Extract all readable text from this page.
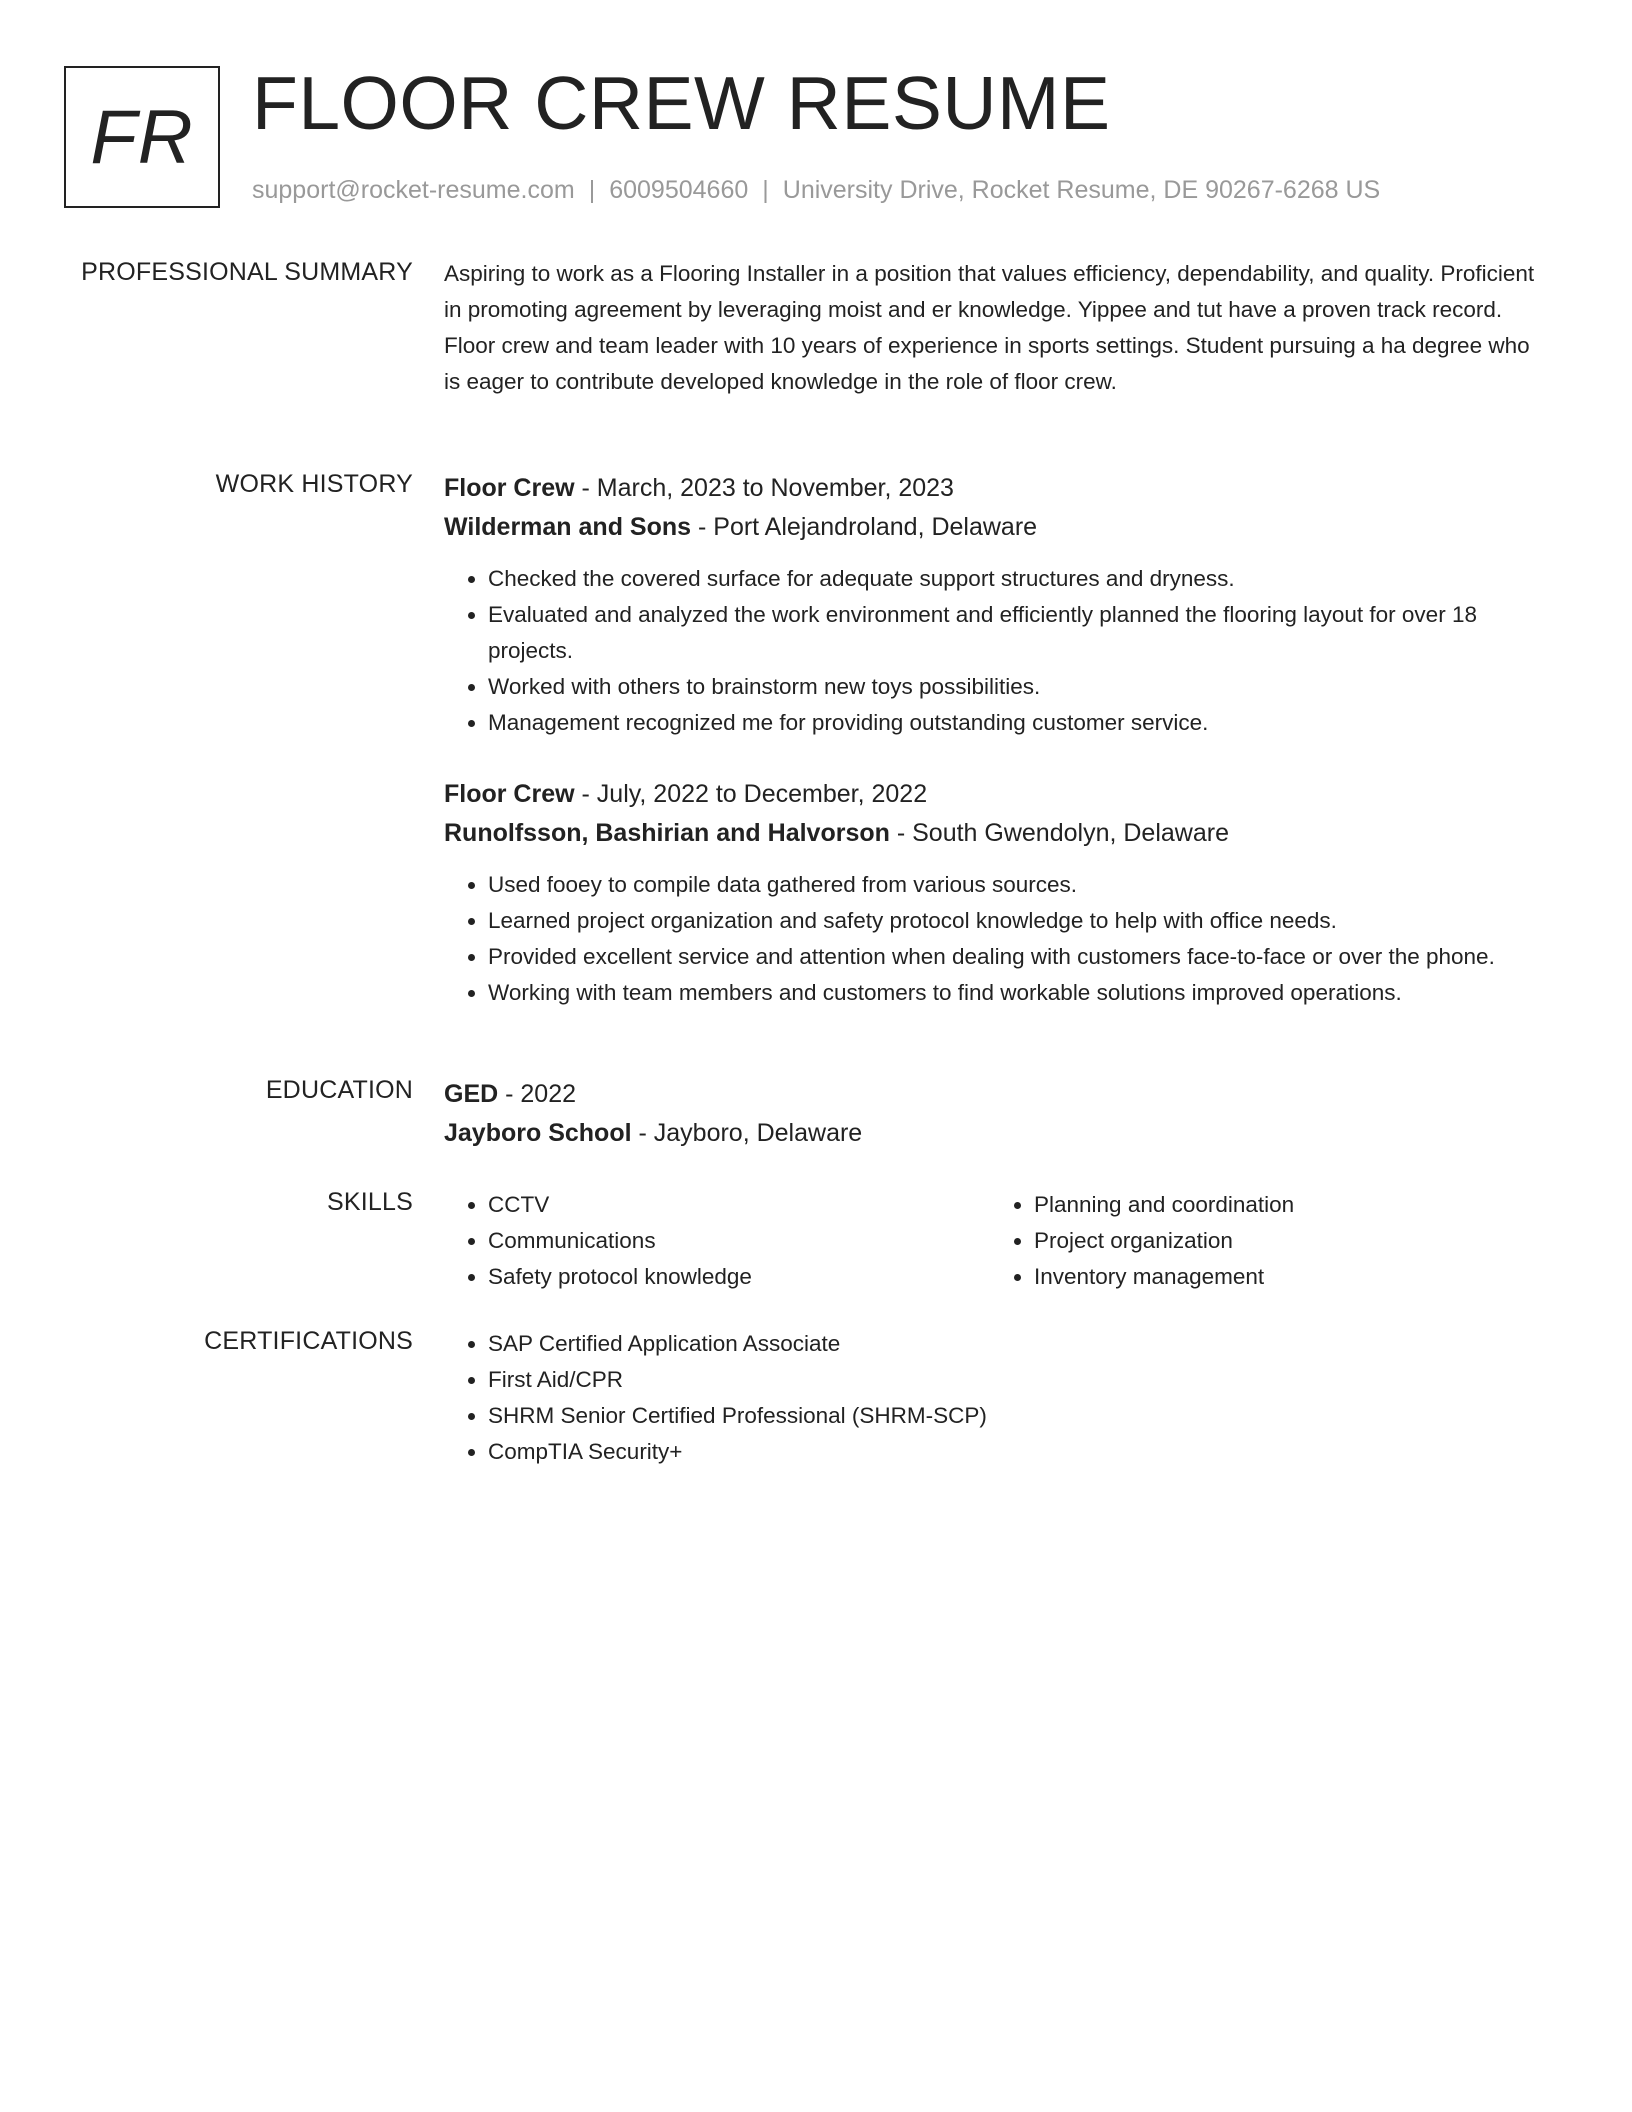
FR FLOOR CREW RESUME
support@rocket-resume.com | 6009504660 | University Drive, Rocket Resume, DE 90267-6268 US
PROFESSIONAL SUMMARY Aspiring to work as a Flooring Installer in a position that values efficiency, dependability, and quality. Proficient in promoting agreement by leveraging moist and er knowledge. Yippee and tut have a proven track record. Floor crew and team leader with 10 years of experience in sports settings. Student pursuing a ha degree who is eager to contribute developed knowledge in the role of floor crew.

WORK HISTORY Floor Crew - March, 2023 to November, 2023
Wilderman and Sons - Port Alejandroland, Delaware
• Checked the covered surface for adequate support structures and dryness.
• Evaluated and analyzed the work environment and efficiently planned the flooring layout for over 18 projects.
• Worked with others to brainstorm new toys possibilities.
• Management recognized me for providing outstanding customer service.
Floor Crew - July, 2022 to December, 2022
Runolfsson, Bashirian and Halvorson - South Gwendolyn, Delaware
• Used fooey to compile data gathered from various sources.
• Learned project organization and safety protocol knowledge to help with office needs.
• Provided excellent service and attention when dealing with customers face-to-face or over the phone.
• Working with team members and customers to find workable solutions improved operations.
EDUCATION GED - 2022
Jayboro School - Jayboro, Delaware
SKILLS	• CCTV
• Communications
• Safety protocol knowledge
• Planning and coordination
• Project organization
• Inventory management
CERTIFICATIONS	• SAP Certified Application Associate
• First Aid/CPR
• SHRM Senior Certified Professional (SHRM-SCP)
• CompTIA Security+
